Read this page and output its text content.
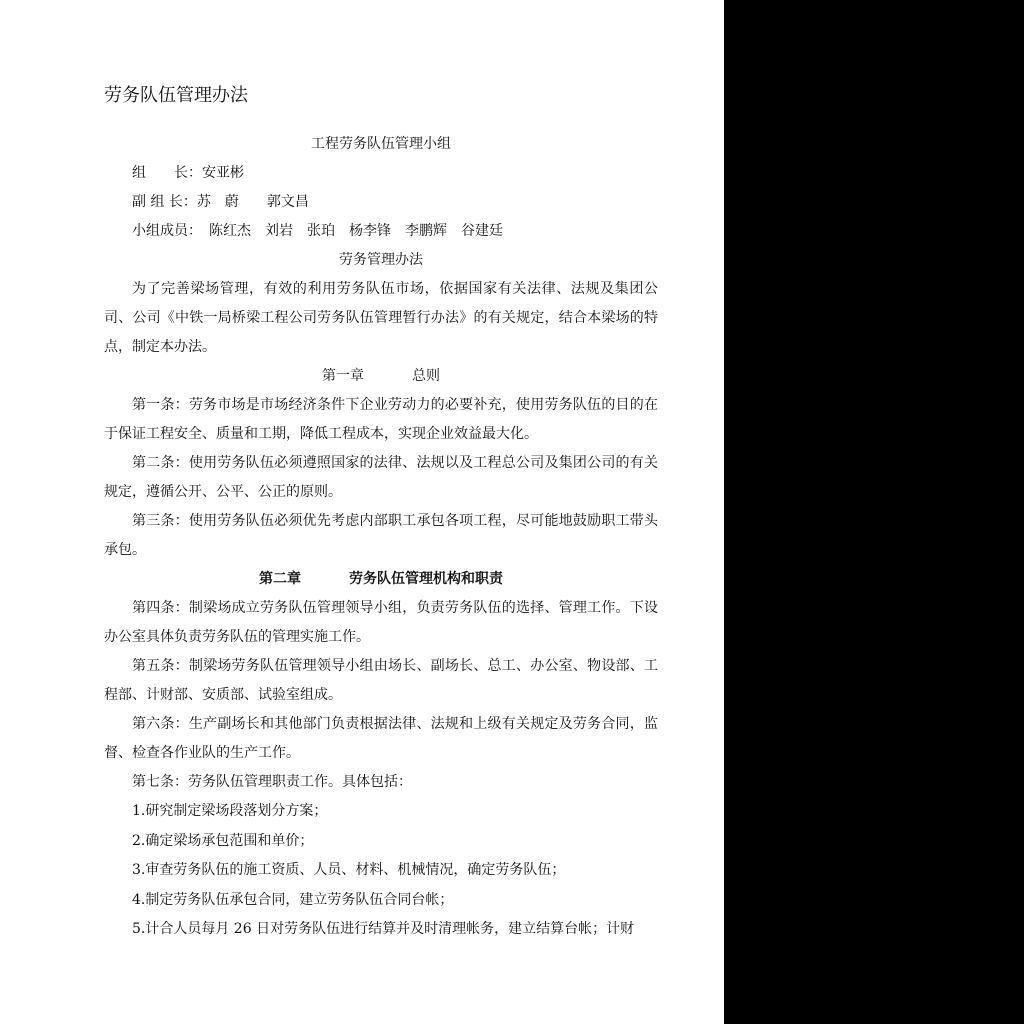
劳务队伍管理办法

工程劳务队伍管理小组

组　　长：安亚彬

副 组 长：苏　蔚　　郭文昌

小组成员：　陈红杰　刘岩　张珀　杨李锋　李鹏辉　谷建廷

劳务管理办法

为了完善梁场管理，有效的利用劳务队伍市场，依据国家有关法律、法规及集团公司、公司《中铁一局桥梁工程公司劳务队伍管理暂行办法》的有关规定，结合本梁场的特点，制定本办法。

第一章	总则

第一条：劳务市场是市场经济条件下企业劳动力的必要补充，使用劳务队伍的目的在于保证工程安全、质量和工期，降低工程成本，实现企业效益最大化。

第二条：使用劳务队伍必须遵照国家的法律、法规以及工程总公司及集团公司的有关规定，遵循公开、公平、公正的原则。

第三条：使用劳务队伍必须优先考虑内部职工承包各项工程，尽可能地鼓励职工带头承包。

第二章	劳务队伍管理机构和职责

第四条：制梁场成立劳务队伍管理领导小组，负责劳务队伍的选择、管理工作。下设办公室具体负责劳务队伍的管理实施工作。

第五条：制梁场劳务队伍管理领导小组由场长、副场长、总工、办公室、物设部、工程部、计财部、安质部、试验室组成。

第六条：生产副场长和其他部门负责根据法律、法规和上级有关规定及劳务合同，监督、检查各作业队的生产工作。

第七条：劳务队伍管理职责工作。具体包括：

1.研究制定梁场段落划分方案；

2.确定梁场承包范围和单价；

3.审查劳务队伍的施工资质、人员、材料、机械情况，确定劳务队伍；

4.制定劳务队伍承包合同，建立劳务队伍合同台帐；

5.计合人员每月 26 日对劳务队伍进行结算并及时清理帐务，建立结算台帐；计财
